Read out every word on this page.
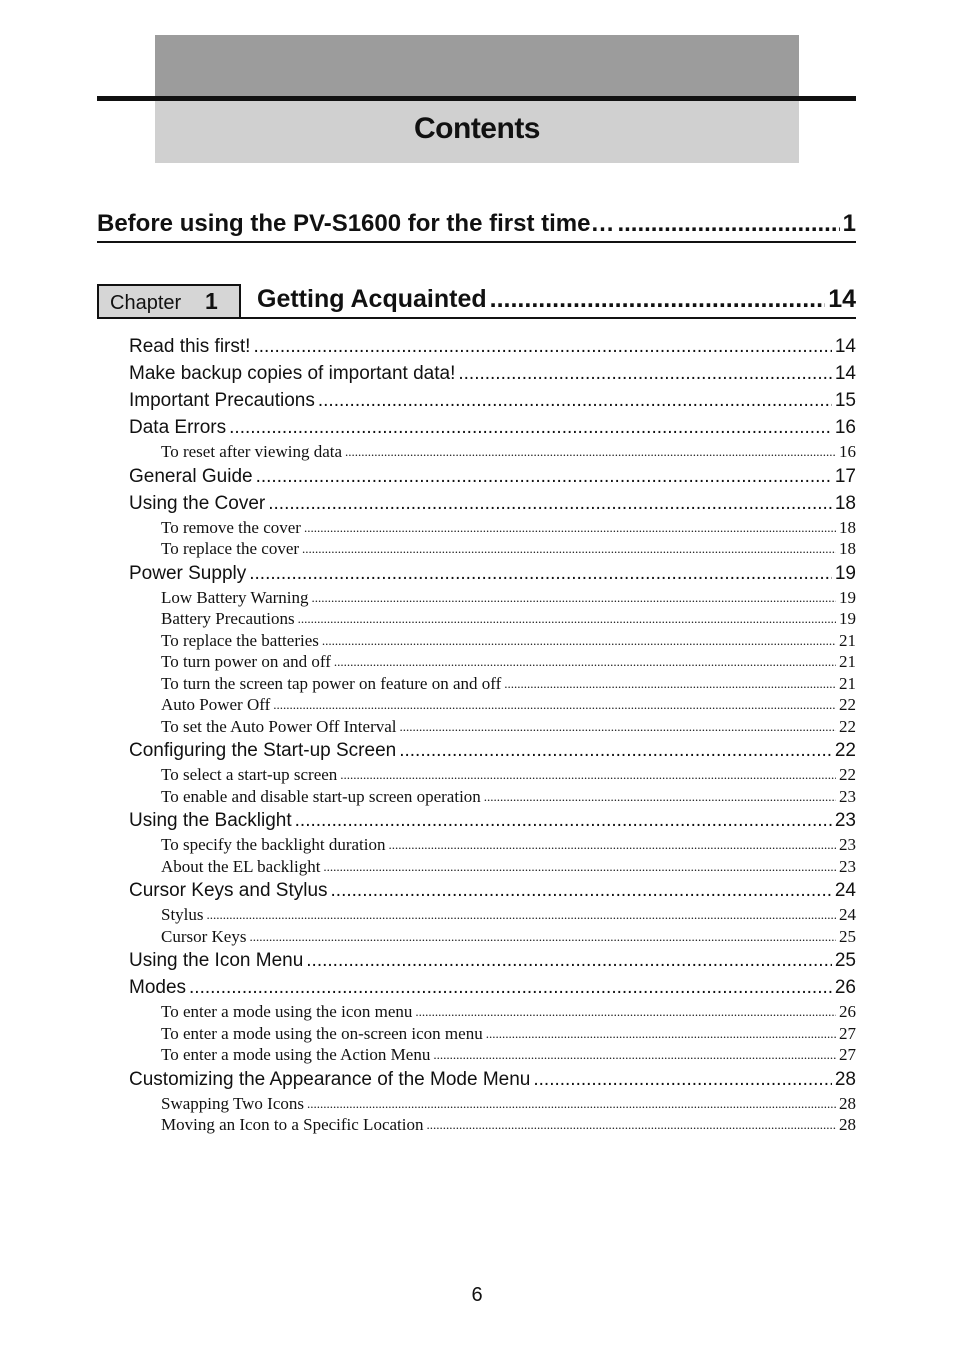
Contents
Before using the PV-S1600 for the first time… .....	1
Chapter 1 Getting Acquainted .....	14
Read this first! .....	14
Make backup copies of important data! .....	14
Important Precautions .....	15
Data Errors .....	16
To reset after viewing data .....	16
General Guide .....	17
Using the Cover .....	18
To remove the cover .....	18
To replace the cover .....	18
Power Supply .....	19
Low Battery Warning .....	19
Battery Precautions .....	19
To replace the batteries .....	21
To turn power on and off .....	21
To turn the screen tap power on feature on and off .....	21
Auto Power Off .....	22
To set the Auto Power Off Interval .....	22
Configuring the Start-up Screen .....	22
To select a start-up screen .....	22
To enable and disable start-up screen operation .....	23
Using the Backlight .....	23
To specify the backlight duration .....	23
About the EL backlight .....	23
Cursor Keys and Stylus .....	24
Stylus .....	24
Cursor Keys .....	25
Using the Icon Menu .....	25
Modes .....	26
To enter a mode using the icon menu .....	26
To enter a mode using the on-screen icon menu .....	27
To enter a mode using the Action Menu .....	27
Customizing the Appearance of the Mode Menu .....	28
Swapping Two Icons .....	28
Moving an Icon to a Specific Location .....	28
6
